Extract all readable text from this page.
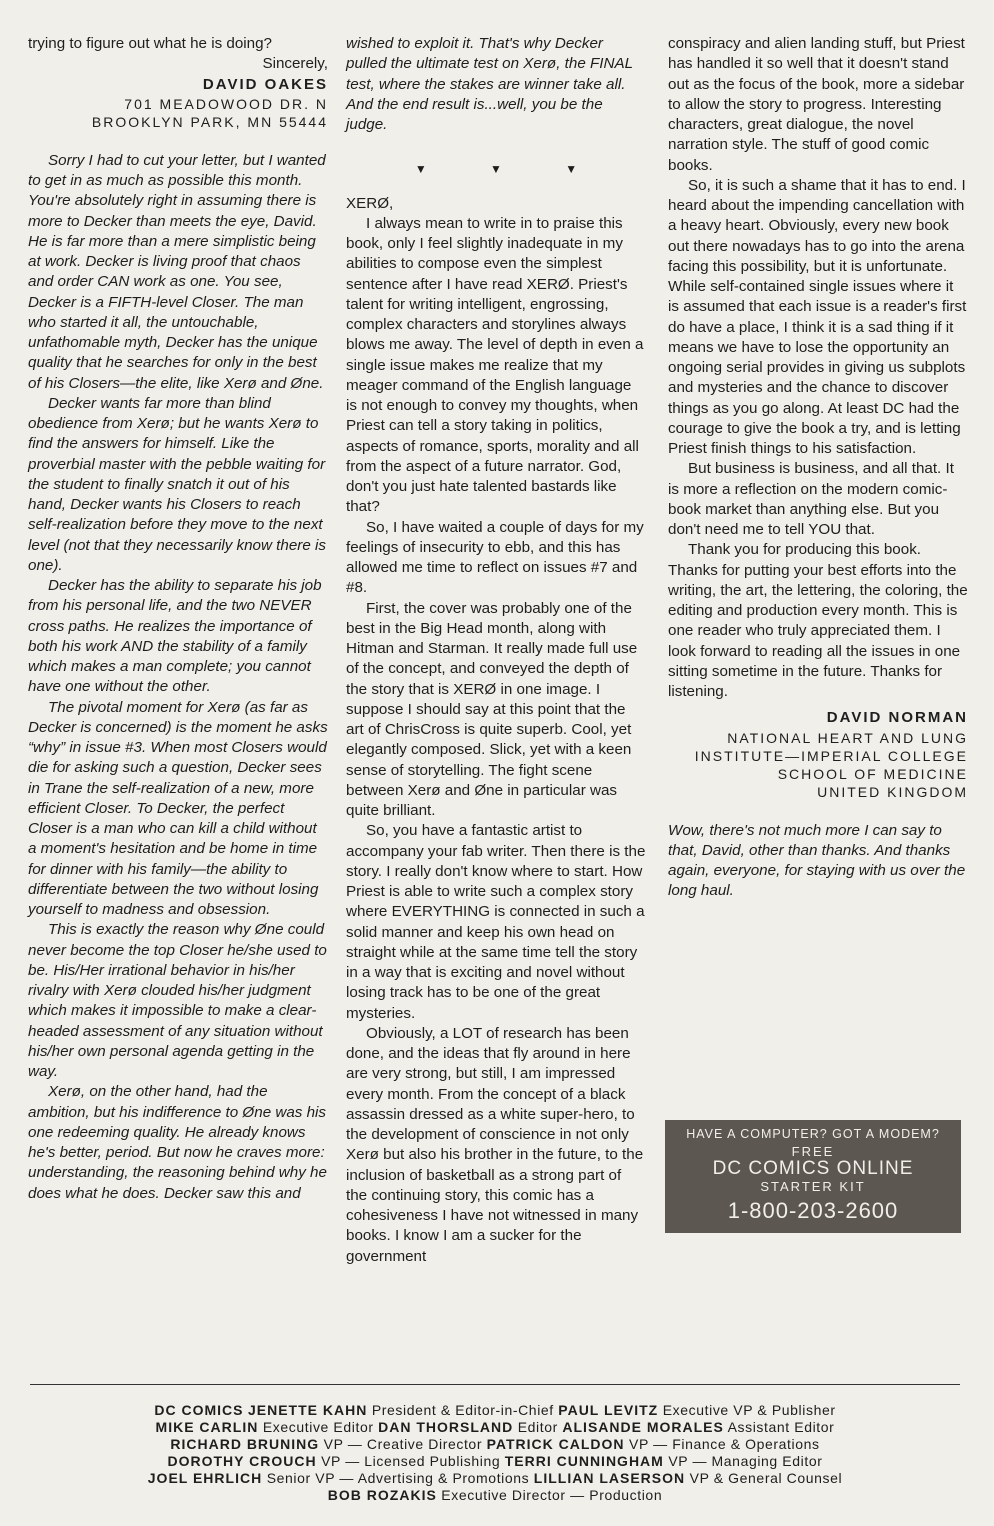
trying to figure out what he is doing?

Sincerely,
DAVID OAKES
701 MEADOWOOD DR. N
BROOKLYN PARK, MN 55444

Sorry I had to cut your letter, but I wanted to get in as much as possible this month. You're absolutely right in assuming there is more to Decker than meets the eye, David. He is far more than a mere simplistic being at work. Decker is living proof that chaos and order CAN work as one. You see, Decker is a FIFTH-level Closer. The man who started it all, the untouchable, unfathomable myth, Decker has the unique quality that he searches for only in the best of his Closers—the elite, like Xerø and Øne.

Decker wants far more than blind obedience from Xerø; but he wants Xerø to find the answers for himself. Like the proverbial master with the pebble waiting for the student to finally snatch it out of his hand, Decker wants his Closers to reach self-realization before they move to the next level (not that they necessarily know there is one).

Decker has the ability to separate his job from his personal life, and the two NEVER cross paths. He realizes the importance of both his work AND the stability of a family which makes a man complete; you cannot have one without the other.

The pivotal moment for Xerø (as far as Decker is concerned) is the moment he asks “why” in issue #3. When most Closers would die for asking such a question, Decker sees in Trane the self-realization of a new, more efficient Closer. To Decker, the perfect Closer is a man who can kill a child without a moment's hesitation and be home in time for dinner with his family—the ability to differentiate between the two without losing yourself to madness and obsession.

This is exactly the reason why Øne could never become the top Closer he/she used to be. His/Her irrational behavior in his/her rivalry with Xerø clouded his/her judgment which makes it impossible to make a clear-headed assessment of any situation without his/her own personal agenda getting in the way.

Xerø, on the other hand, had the ambition, but his indifference to Øne was his one redeeming quality. He already knows he's better, period. But now he craves more: understanding, the reasoning behind why he does what he does. Decker saw this and

wished to exploit it. That's why Decker pulled the ultimate test on Xerø, the FINAL test, where the stakes are winner take all. And the end result is...well, you be the judge.

▼ ▼ ▼

XERØ,

I always mean to write in to praise this book, only I feel slightly inadequate in my abilities to compose even the simplest sentence after I have read XERØ. Priest's talent for writing intelligent, engrossing, complex characters and storylines always blows me away. The level of depth in even a single issue makes me realize that my meager command of the English language is not enough to convey my thoughts, when Priest can tell a story taking in politics, aspects of romance, sports, morality and all from the aspect of a future narrator. God, don't you just hate talented bastards like that?

So, I have waited a couple of days for my feelings of insecurity to ebb, and this has allowed me time to reflect on issues #7 and #8.

First, the cover was probably one of the best in the Big Head month, along with Hitman and Starman. It really made full use of the concept, and conveyed the depth of the story that is XERØ in one image. I suppose I should say at this point that the art of ChrisCross is quite superb. Cool, yet elegantly composed. Slick, yet with a keen sense of storytelling. The fight scene between Xerø and Øne in particular was quite brilliant.

So, you have a fantastic artist to accompany your fab writer. Then there is the story. I really don't know where to start. How Priest is able to write such a complex story where EVERYTHING is connected in such a solid manner and keep his own head on straight while at the same time tell the story in a way that is exciting and novel without losing track has to be one of the great mysteries.

Obviously, a LOT of research has been done, and the ideas that fly around in here are very strong, but still, I am impressed every month. From the concept of a black assassin dressed as a white super-hero, to the development of conscience in not only Xerø but also his brother in the future, to the inclusion of basketball as a strong part of the continuing story, this comic has a cohesiveness I have not witnessed in many books. I know I am a sucker for the government

conspiracy and alien landing stuff, but Priest has handled it so well that it doesn't stand out as the focus of the book, more a sidebar to allow the story to progress. Interesting characters, great dialogue, the novel narration style. The stuff of good comic books.

So, it is such a shame that it has to end. I heard about the impending cancellation with a heavy heart. Obviously, every new book out there nowadays has to go into the arena facing this possibility, but it is unfortunate. While self-contained single issues where it is assumed that each issue is a reader's first do have a place, I think it is a sad thing if it means we have to lose the opportunity an ongoing serial provides in giving us subplots and mysteries and the chance to discover things as you go along. At least DC had the courage to give the book a try, and is letting Priest finish things to his satisfaction.

But business is business, and all that. It is more a reflection on the modern comic-book market than anything else. But you don't need me to tell YOU that.

Thank you for producing this book. Thanks for putting your best efforts into the writing, the art, the lettering, the coloring, the editing and production every month. This is one reader who truly appreciated them. I look forward to reading all the issues in one sitting sometime in the future. Thanks for listening.

DAVID NORMAN
NATIONAL HEART AND LUNG
INSTITUTE—IMPERIAL COLLEGE
SCHOOL OF MEDICINE
UNITED KINGDOM

Wow, there's not much more I can say to that, David, other than thanks. And thanks again, everyone, for staying with us over the long haul.

HAVE A COMPUTER? GOT A MODEM?
FREE
DC COMICS ONLINE
STARTER KIT
1-800-203-2600
DC COMICS JENETTE KAHN President & Editor-in-Chief PAUL LEVITZ Executive VP & Publisher
MIKE CARLIN Executive Editor DAN THORSLAND Editor ALISANDE MORALES Assistant Editor
RICHARD BRUNING VP — Creative Director PATRICK CALDON VP — Finance & Operations
DOROTHY CROUCH VP — Licensed Publishing TERRI CUNNINGHAM VP — Managing Editor
JOEL EHRLICH Senior VP — Advertising & Promotions LILLIAN LASERSON VP & General Counsel
BOB ROZAKIS Executive Director — Production
